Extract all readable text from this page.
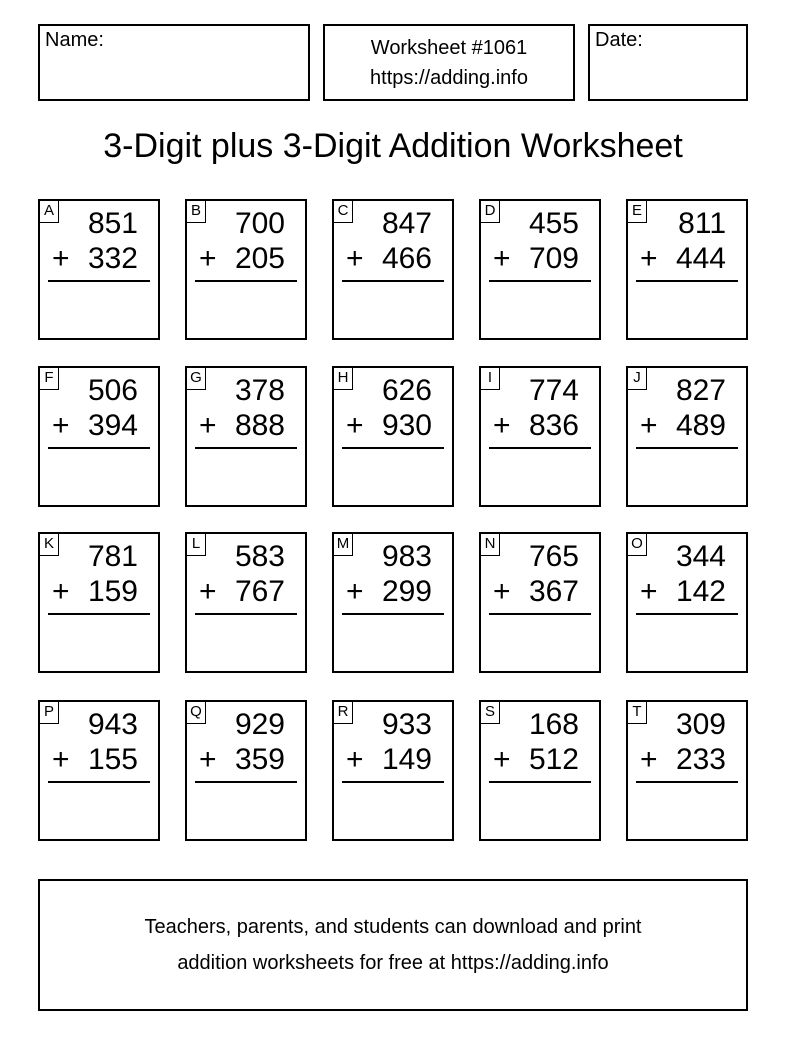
Name:	Worksheet #1061
https://adding.info
Date:
3-Digit plus 3-Digit Addition Worksheet
A 851
+ 332
B 700
+ 205
C 847
+ 466
D 455
+ 709
E 811
+ 444
F 506
+ 394
G 378
+ 888
H 626
+ 930
I 774
+ 836
J 827
+ 489
K 781
+ 159
L 583
+ 767
M 983
+ 299
N 765
+ 367
O 344
+ 142
P 943
+ 155
Q 929
+ 359
R 933
+ 149
S 168
+ 512
T 309
+ 233
Teachers, parents, and students can download and print
addition worksheets for free at https://adding.info
